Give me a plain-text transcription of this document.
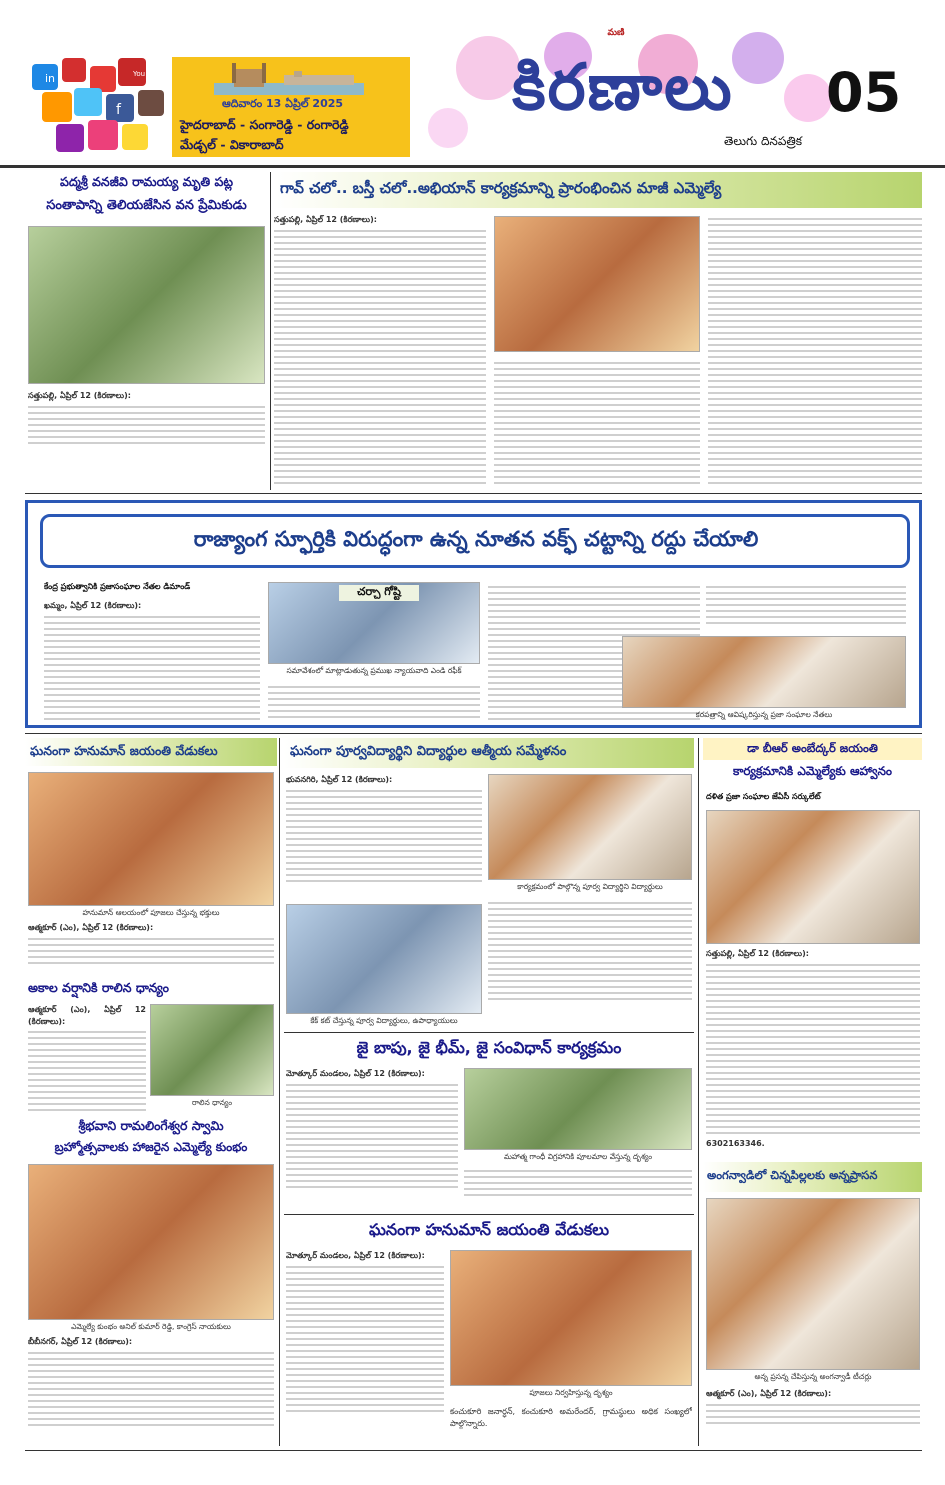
in	You
f	ఆదివారం 13 ఏప్రిల్ 2025
హైదరాబాద్ - సంగారెడ్డి - రంగారెడ్డి
మేడ్చల్ - వికారాబాద్
మణి
కిరణాలు	05
తెలుగు దినపత్రిక
పద్మశ్రీ వనజీవి రామయ్య మృతి పట్ల
సంతాపాన్ని తెలియజేసిన వన ప్రేమికుడు
సత్తుపల్లి, ఏప్రిల్ 12 (కిరణాలు):
గావ్ చలో.. బస్తీ చలో..అభియాన్ కార్యక్రమాన్ని ప్రారంభించిన మాజీ ఎమ్మెల్యే
సత్తుపల్లి, ఏప్రిల్ 12 (కిరణాలు):
రాజ్యాంగ స్ఫూర్తికి విరుద్ధంగా ఉన్న నూతన వక్ఫ్ చట్టాన్ని రద్దు చేయాలి
కేంద్ర ప్రభుత్వానికి ప్రజాసంఘాల నేతల డిమాండ్
ఖమ్మం, ఏప్రిల్ 12 (కిరణాలు):
చర్చా గోష్టి
సమావేశంలో మాట్లాడుతున్న ప్రముఖ న్యాయవాది ఎండి రఫీక్
కరపత్రాన్ని ఆవిష్కరిస్తున్న ప్రజా సంఘాల నేతలు
ఘనంగా హనుమాన్ జయంతి వేడుకలు
హనుమాన్ ఆలయంలో పూజలు చేస్తున్న భక్తులు
ఆత్మకూర్ (ఎం), ఏప్రిల్ 12 (కిరణాలు):
అకాల వర్షానికి రాలిన ధాన్యం
ఆత్మకూర్ (ఎం), ఏప్రిల్ 12 (కిరణాలు):
రాలిన ధాన్యం
శ్రీభవాని రామలింగేశ్వర స్వామి
బ్రహ్మోత్సవాలకు హాజరైన ఎమ్మెల్యే కుంభం
ఎమ్మెల్యే కుంభం అనిల్ కుమార్ రెడ్డి, కాంగ్రెస్ నాయకులు
బీబీనగర్, ఏప్రిల్ 12 (కిరణాలు):
ఘనంగా పూర్వవిద్యార్థిని విద్యార్థుల ఆత్మీయ సమ్మేళనం
భువనగిరి, ఏప్రిల్ 12 (కిరణాలు):
కార్యక్రమంలో పాల్గొన్న పూర్వ విద్యార్థిని విద్యార్థులు
కేక్ కట్ చేస్తున్న పూర్వ విద్యార్థులు, ఉపాధ్యాయులు
జై బాపు, జై భీమ్, జై సంవిధాన్ కార్యక్రమం
మోత్కూర్ మండలం, ఏప్రిల్ 12 (కిరణాలు):
మహాత్మ గాంధీ విగ్రహానికి పూలమాల వేస్తున్న దృశ్యం
ఘనంగా హనుమాన్ జయంతి వేడుకలు
మోత్కూర్ మండలం, ఏప్రిల్ 12 (కిరణాలు):
పూజలు నిర్వహిస్తున్న దృశ్యం
కంచుకూరి జనార్ధన్, కంచుకూరి అమరేందర్, గ్రామస్థులు అధిక సంఖ్యలో పాల్గొన్నారు.
డా బీఆర్ అంబేద్కర్ జయంతి
కార్యక్రమానికి ఎమ్మెల్యేకు ఆహ్వానం
దళిత ప్రజా సంఘాల జేఏసీ సర్కులేట్
సత్తుపల్లి, ఏప్రిల్ 12 (కిరణాలు):
6302163346.
అంగన్వాడిలో చిన్నపిల్లలకు అన్నప్రాసన
అన్న ప్రసన్న చేపిస్తున్న అంగన్వాడీ టీచర్లు
ఆత్మకూర్ (ఎం), ఏప్రిల్ 12 (కిరణాలు):
